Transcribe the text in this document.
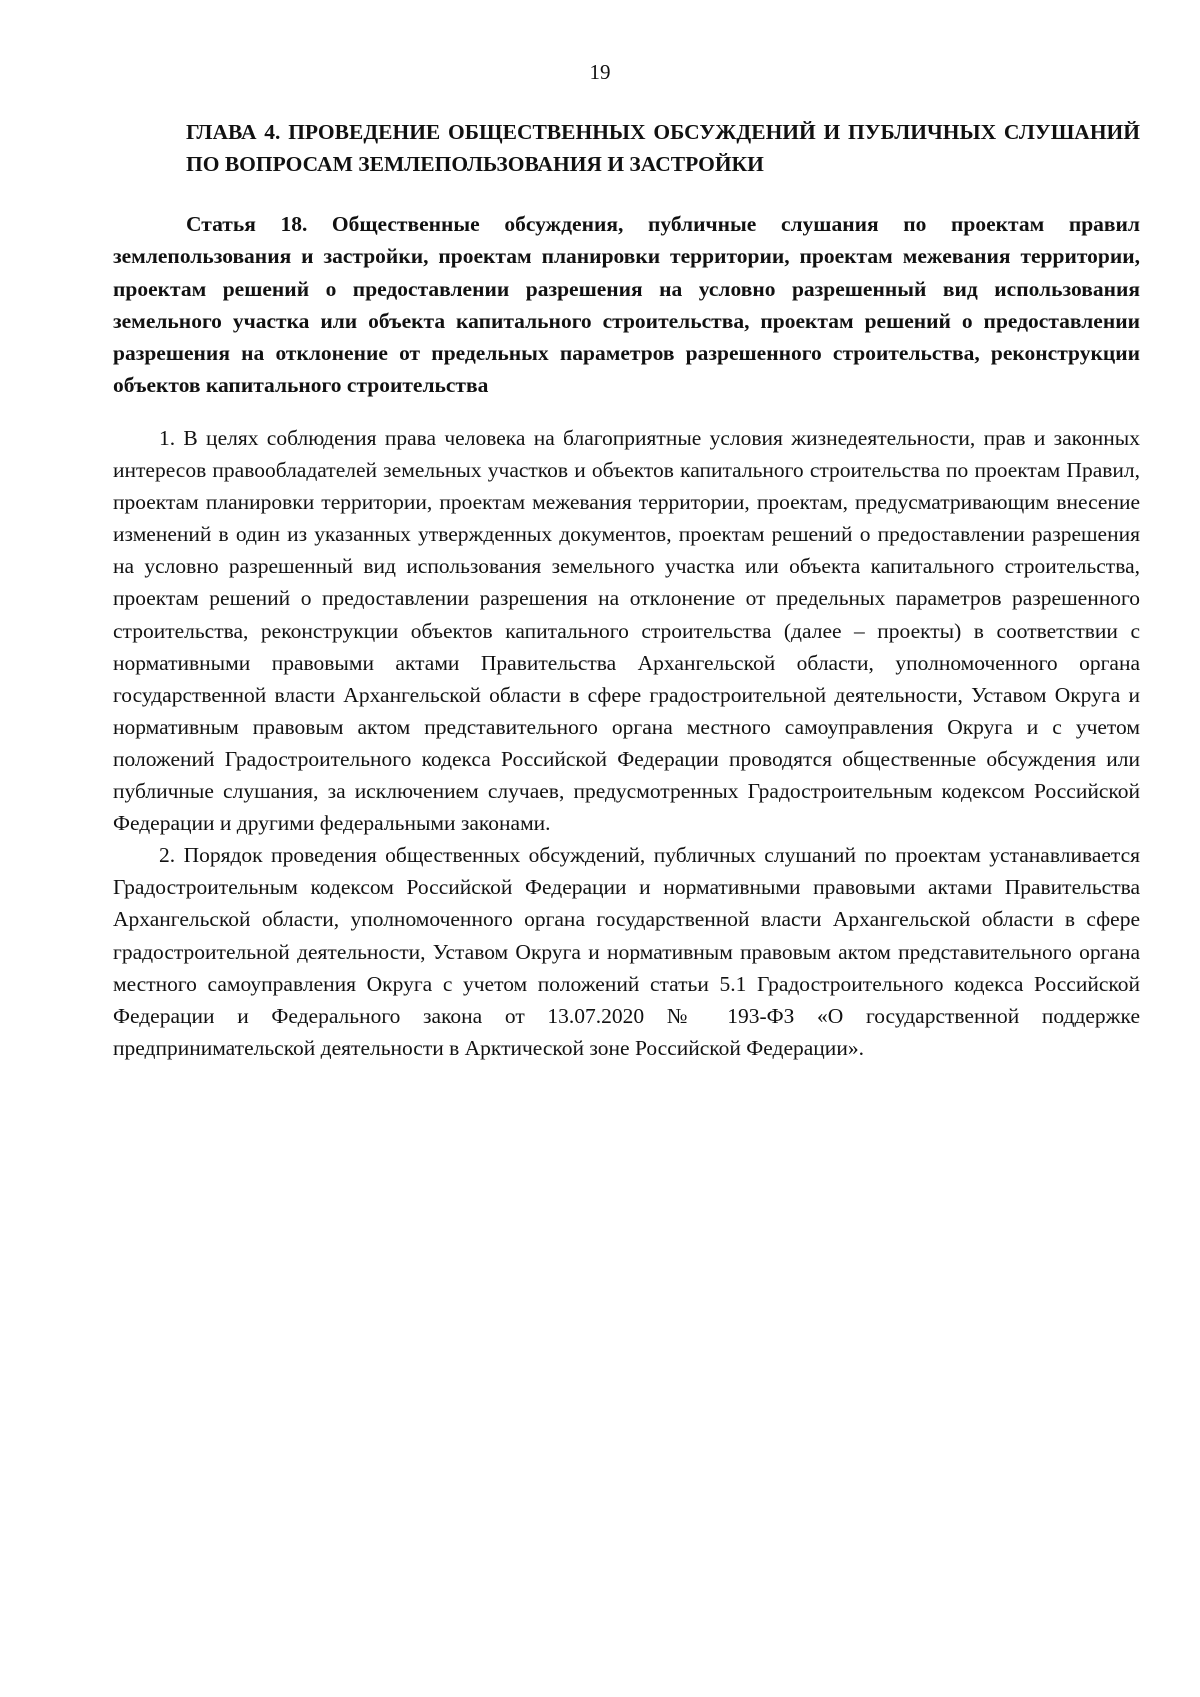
19
ГЛАВА 4. ПРОВЕДЕНИЕ ОБЩЕСТВЕННЫХ ОБСУЖДЕНИЙ И ПУБЛИЧНЫХ СЛУШАНИЙ ПО ВОПРОСАМ ЗЕМЛЕПОЛЬЗОВАНИЯ И ЗАСТРОЙКИ
Статья 18. Общественные обсуждения, публичные слушания по проектам правил землепользования и застройки, проектам планировки территории, проектам межевания территории, проектам решений о предоставлении разрешения на условно разрешенный вид использования земельного участка или объекта капитального строительства, проектам решений о предоставлении разрешения на отклонение от предельных параметров разрешенного строительства, реконструкции объектов капитального строительства

1. В целях соблюдения права человека на благоприятные условия жизнедеятельности, прав и законных интересов правообладателей земельных участков и объектов капитального строительства по проектам Правил, проектам планировки территории, проектам межевания территории, проектам, предусматривающим внесение изменений в один из указанных утвержденных документов, проектам решений о предоставлении разрешения на условно разрешенный вид использования земельного участка или объекта капитального строительства, проектам решений о предоставлении разрешения на отклонение от предельных параметров разрешенного строительства, реконструкции объектов капитального строительства (далее – проекты) в соответствии с нормативными правовыми актами Правительства Архангельской области, уполномоченного органа государственной власти Архангельской области в сфере градостроительной деятельности, Уставом Округа и нормативным правовым актом представительного органа местного самоуправления Округа и с учетом положений Градостроительного кодекса Российской Федерации проводятся общественные обсуждения или публичные слушания, за исключением случаев, предусмотренных Градостроительным кодексом Российской Федерации и другими федеральными законами.

2. Порядок проведения общественных обсуждений, публичных слушаний по проектам устанавливается Градостроительным кодексом Российской Федерации и нормативными правовыми актами Правительства Архангельской области, уполномоченного органа государственной власти Архангельской области в сфере градостроительной деятельности, Уставом Округа и нормативным правовым актом представительного органа местного самоуправления Округа с учетом положений статьи 5.1 Градостроительного кодекса Российской Федерации и Федерального закона от 13.07.2020 № 193-ФЗ «О государственной поддержке предпринимательской деятельности в Арктической зоне Российской Федерации».
